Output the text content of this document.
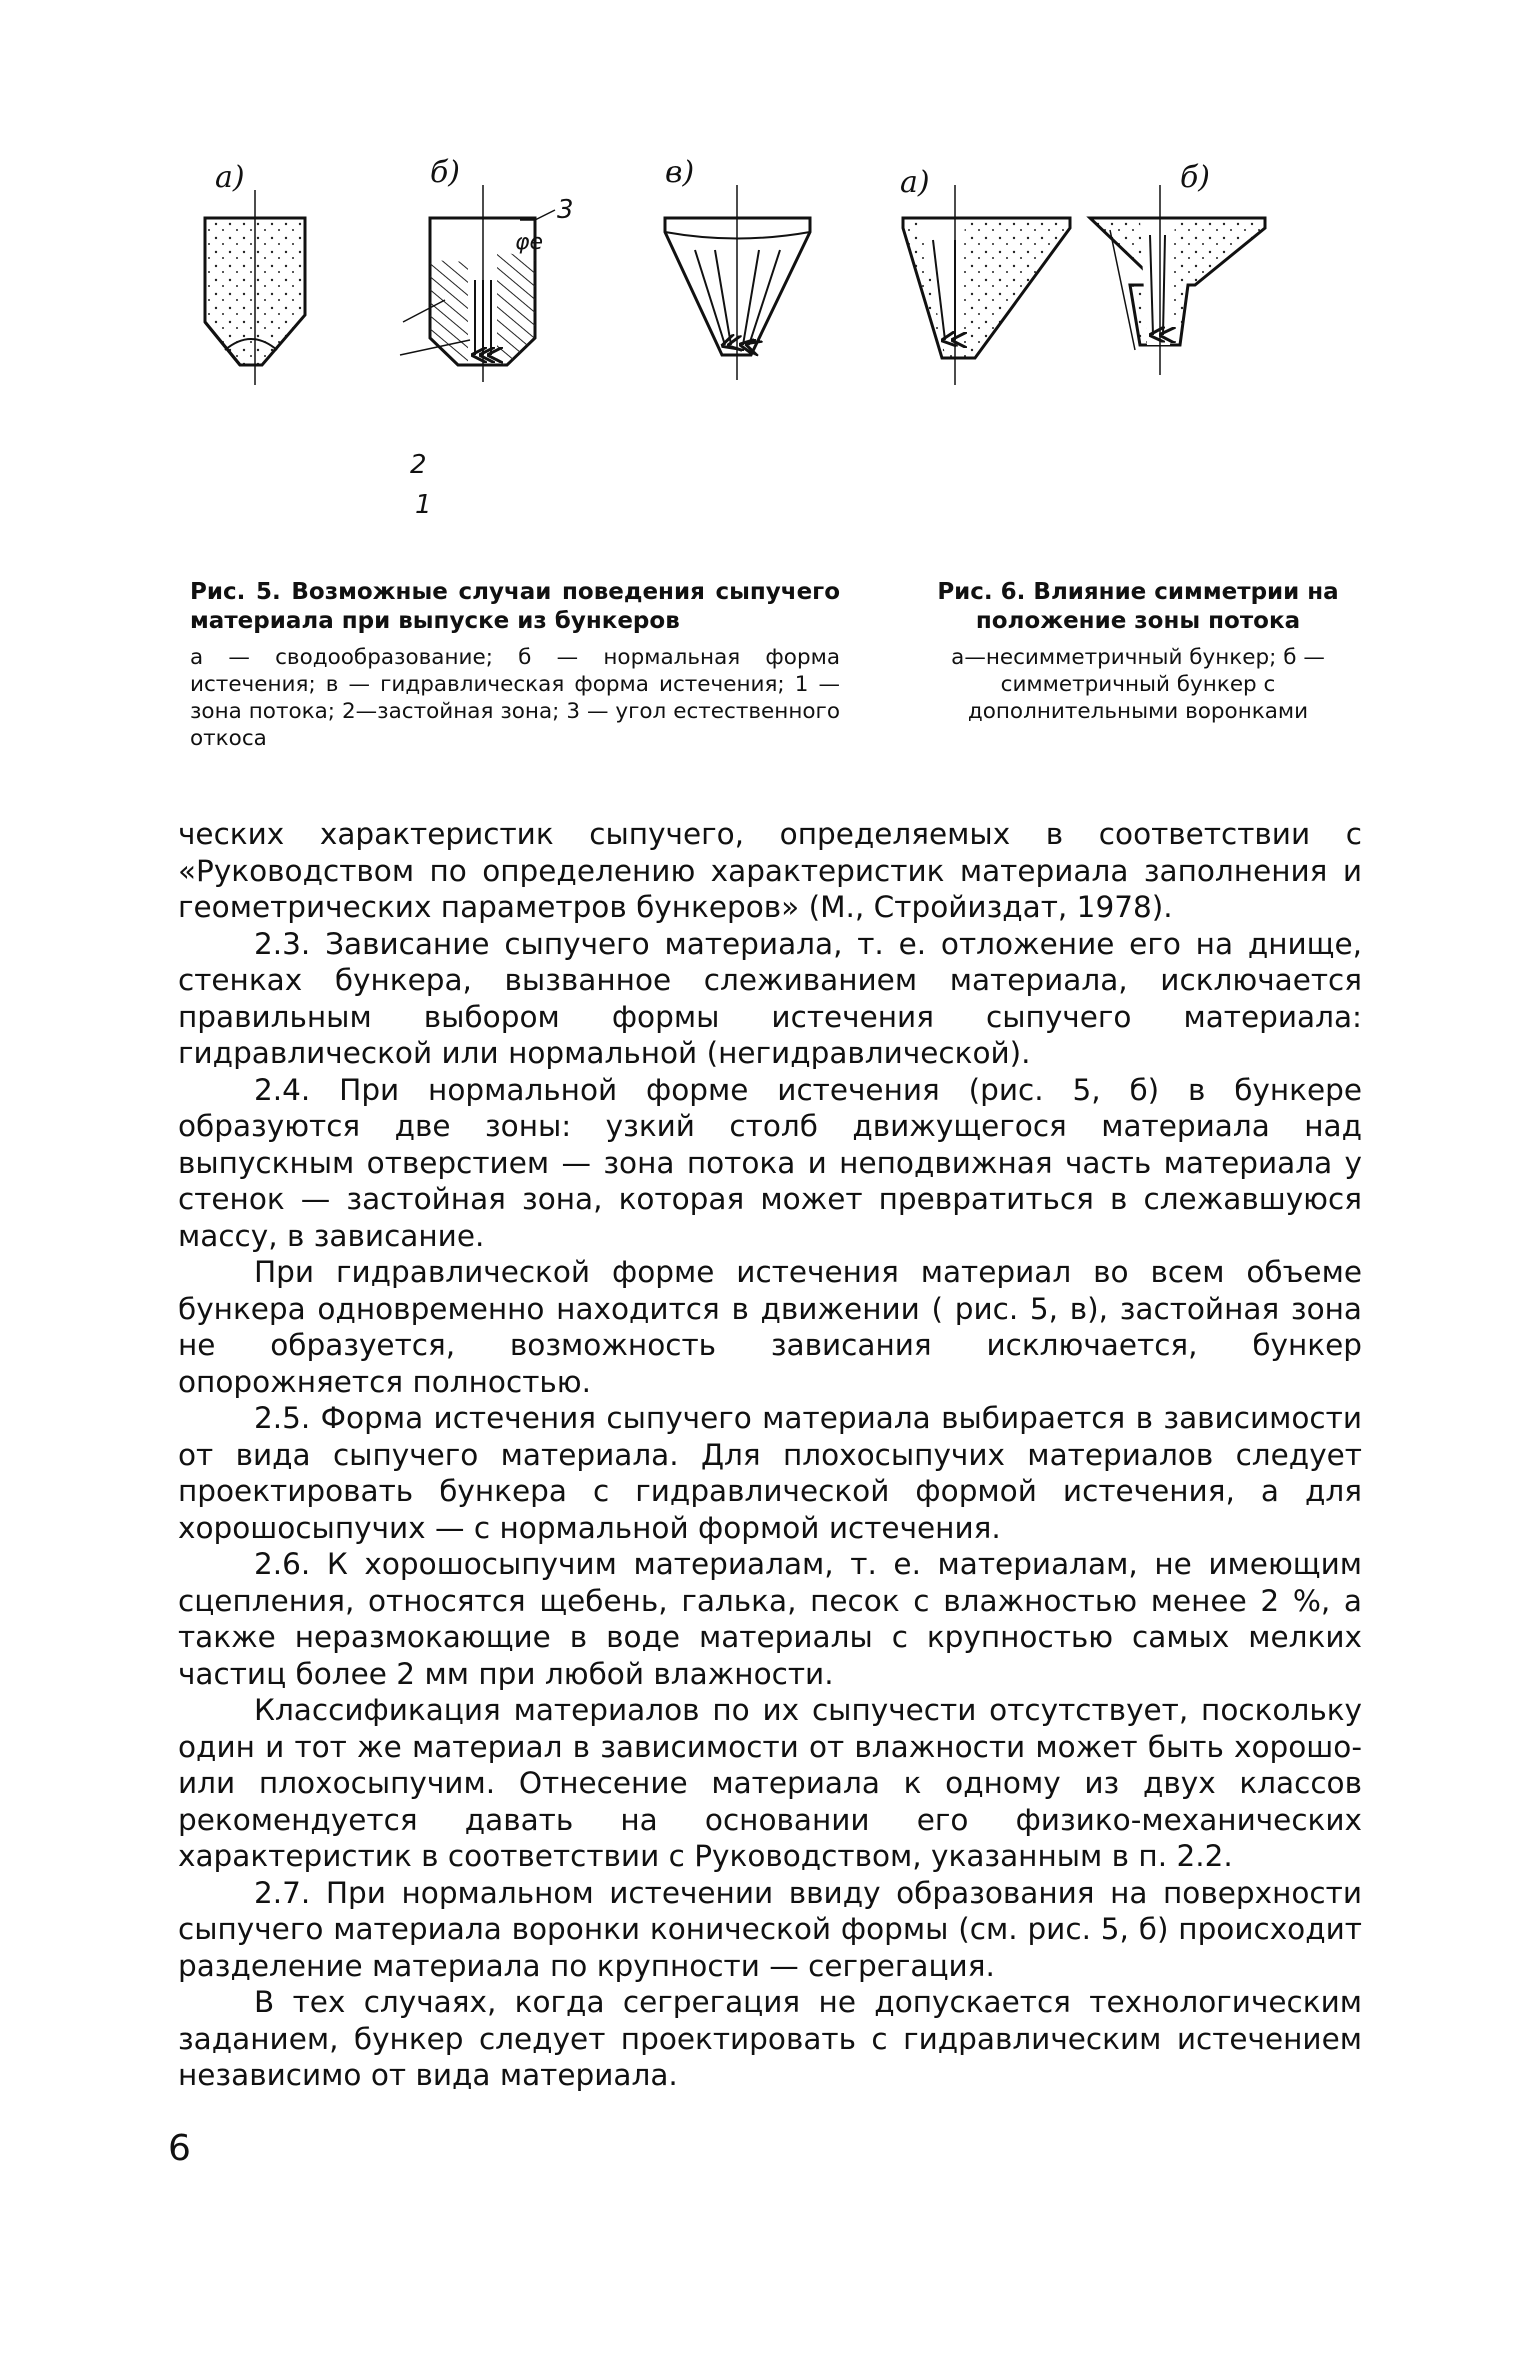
а)	б)	в)	а)	б)
3
2
1
φe
Рис. 5. Возможные случаи поведения сыпучего материала при выпуске из бункеров
а — сводообразование; б — нормальная форма истечения; в — гидравлическая форма истечения; 1 — зона потока; 2—застойная зона; 3 — угол естественного откоса
Рис. 6. Влияние симметрии на положение зоны потока
а—несимметричный бункер; б — симметричный бункер с дополнительными воронками

ческих характеристик сыпучего, определяемых в соответствии с «Руководством по определению характеристик материала заполнения и геометрических параметров бункеров» (М., Стройиздат, 1978).

2.3. Зависание сыпучего материала, т. е. отложение его на днище, стенках бункера, вызванное слеживанием материала, исключается правильным выбором формы истечения сыпучего материала: гидравлической или нормальной (негидравлической).

2.4. При нормальной форме истечения (рис. 5, б) в бункере образуются две зоны: узкий столб движущегося материала над выпускным отверстием — зона потока и неподвижная часть материала у стенок — застойная зона, которая может превратиться в слежавшуюся массу, в зависание.

При гидравлической форме истечения материал во всем объеме бункера одновременно находится в движении ( рис. 5, в), застойная зона не образуется, возможность зависания исключается, бункер опорожняется полностью.

2.5. Форма истечения сыпучего материала выбирается в зависимости от вида сыпучего материала. Для плохосыпучих материалов следует проектировать бункера с гидравлической формой истечения, а для хорошосыпучих — с нормальной формой истечения.

2.6. К хорошосыпучим материалам, т. е. материалам, не имеющим сцепления, относятся щебень, галька, песок с влажностью менее 2 %, а также неразмокающие в воде материалы с крупностью самых мелких частиц более 2 мм при любой влажности.

Классификация материалов по их сыпучести отсутствует, поскольку один и тот же материал в зависимости от влажности может быть хорошо- или плохосыпучим. Отнесение материала к одному из двух классов рекомендуется давать на основании его физико-механических характеристик в соответствии с Руководством, указанным в п. 2.2.

2.7. При нормальном истечении ввиду образования на поверхности сыпучего материала воронки конической формы (см. рис. 5, б) происходит разделение материала по крупности — сегрегация.

В тех случаях, когда сегрегация не допускается технологическим заданием, бункер следует проектировать с гидравлическим истечением независимо от вида материала.

6
